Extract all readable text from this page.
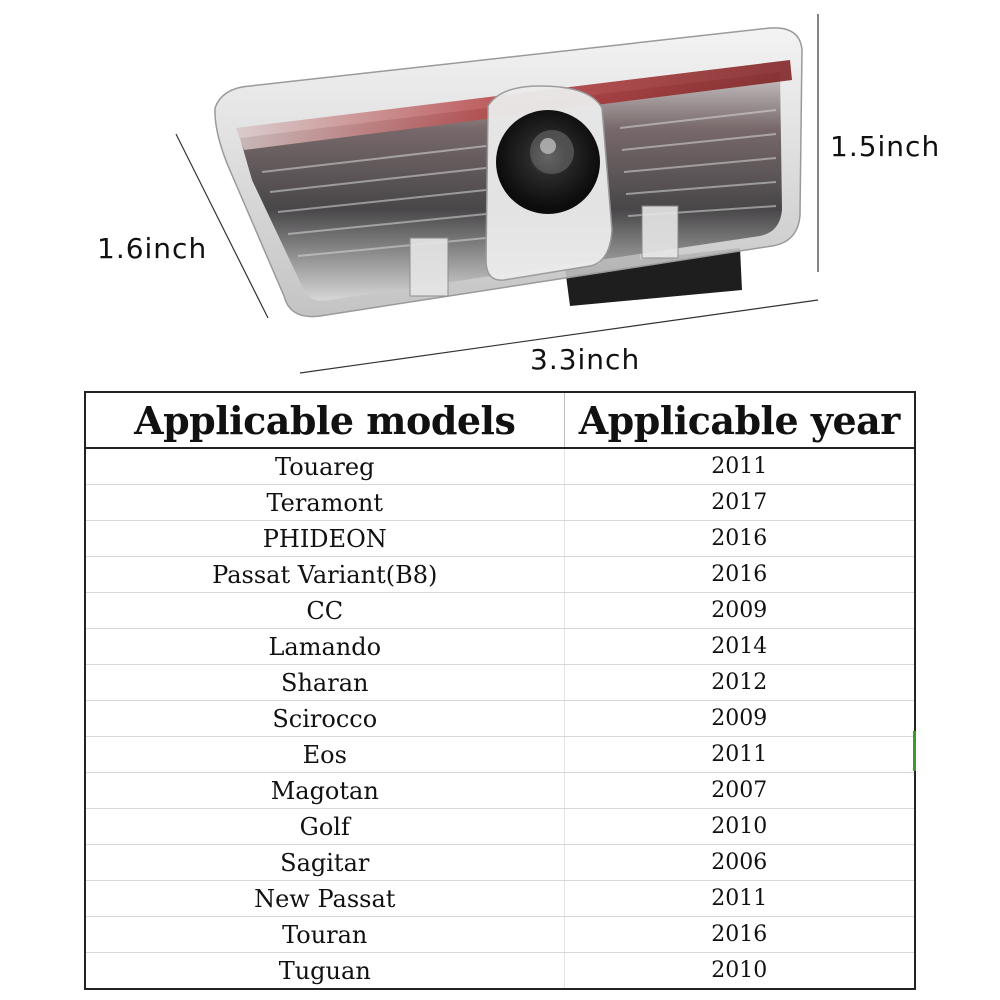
1.6inch
1.5inch
3.3inch
Applicable models	Applicable year
Touareg	2011
Teramont	2017
PHIDEON	2016
Passat Variant(B8)	2016
CC	2009
Lamando	2014
Sharan	2012
Scirocco	2009
Eos	2011
Magotan	2007
Golf	2010
Sagitar	2006
New Passat	2011
Touran	2016
Tuguan	2010
